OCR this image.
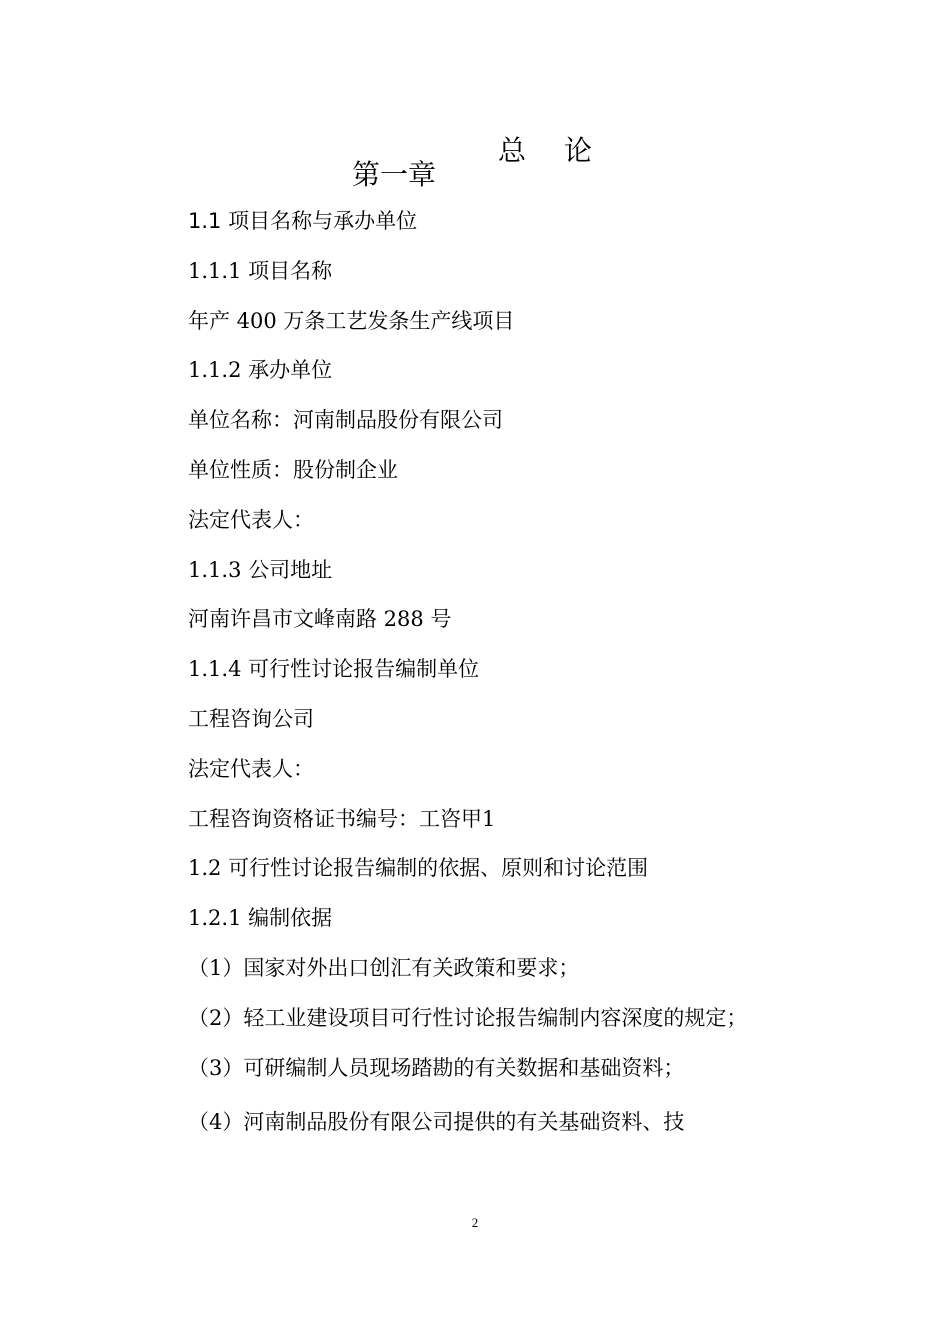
总论
第一章
1.1 项目名称与承办单位
1.1.1 项目名称
年产 400 万条工艺发条生产线项目
1.1.2 承办单位
单位名称：河南制品股份有限公司
单位性质：股份制企业
法定代表人：
1.1.3 公司地址
河南许昌市文峰南路 288 号
1.1.4 可行性讨论报告编制单位
工程咨询公司
法定代表人：
工程咨询资格证书编号：工咨甲1
1.2 可行性讨论报告编制的依据、原则和讨论范围
1.2.1 编制依据
（1）国家对外出口创汇有关政策和要求；
（2）轻工业建设项目可行性讨论报告编制内容深度的规定；
（3）可研编制人员现场踏勘的有关数据和基础资料；
（4）河南制品股份有限公司提供的有关基础资料、技
2
